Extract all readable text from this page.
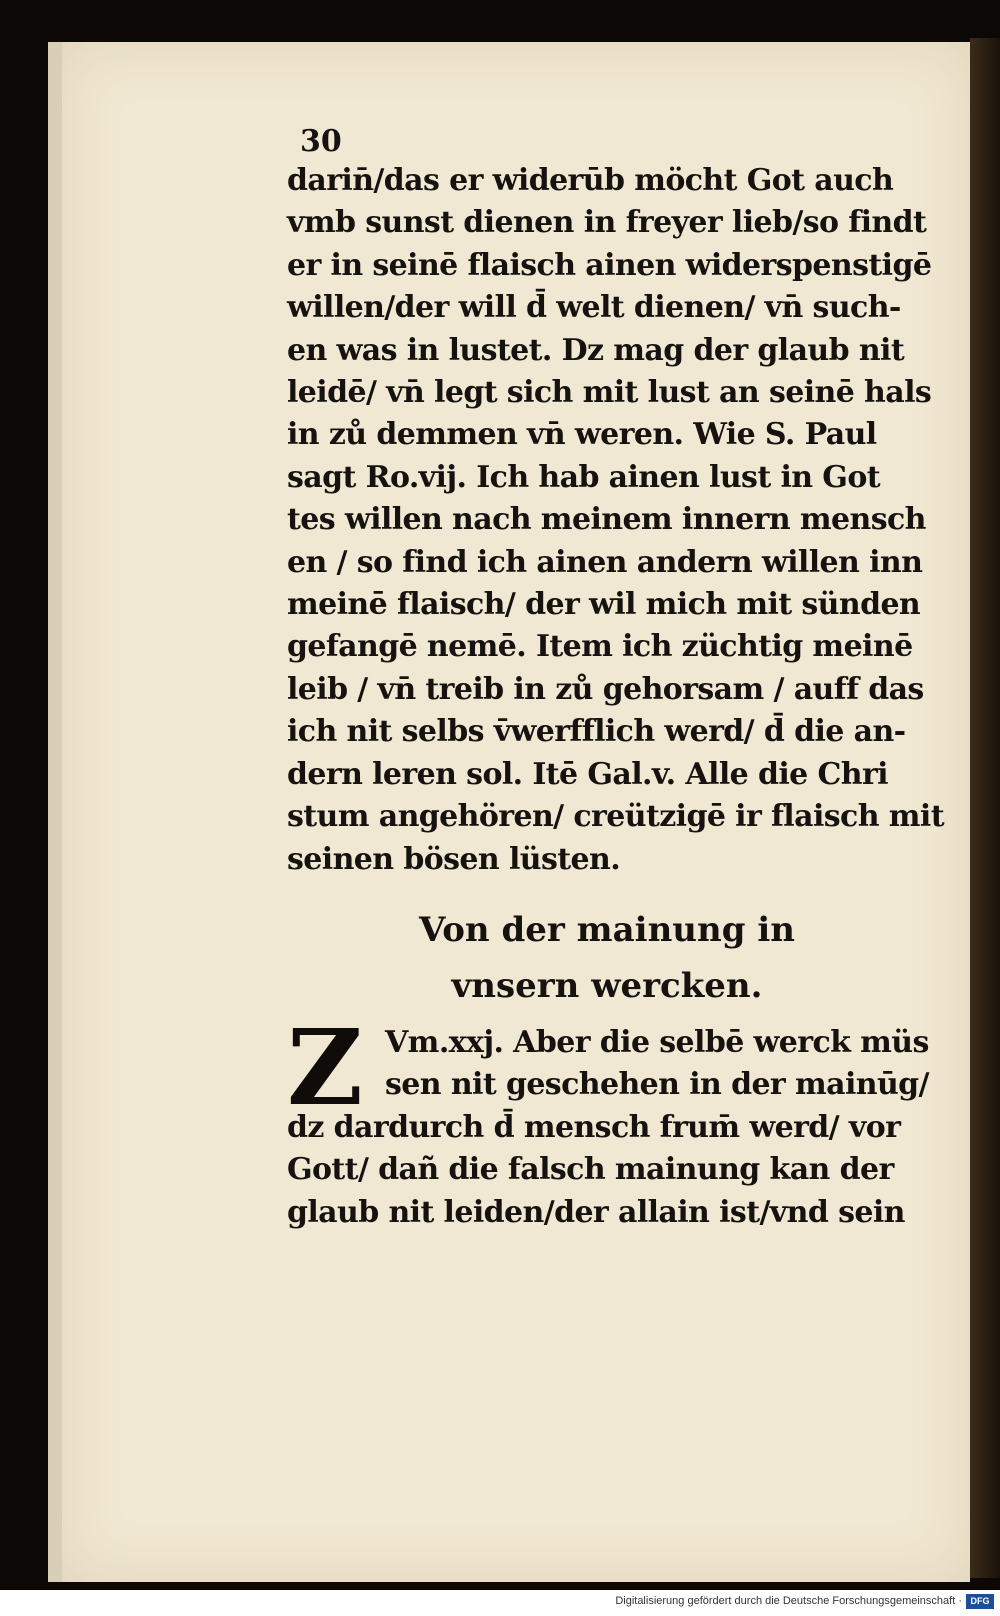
30
darin̄/das er widerūb möcht Got auch
vmb sunst dienen in freyer lieb/so findt
er in seinē flaisch ainen widerspenstigē
willen/der will d̄ welt dienen/ vn̄ such-
en was in lustet. Dz mag der glaub nit
leidē/ vn̄ legt sich mit lust an seinē hals
in zů demmen vn̄ weren. Wie S. Paul
sagt Ro.vij. Ich hab ainen lust in Got
tes willen nach meinem innern mensch
en / so find ich ainen andern willen inn
meinē flaisch/ der wil mich mit sünden
gefangē nemē. Item ich züchtig meinē
leib / vn̄ treib in zů gehorsam / auff das
ich nit selbs v̄werfflich werd/ d̄ die an-
dern leren sol. Itē Gal.v. Alle die Chri
stum angehören/ creützigē ir flaisch mit
seinen bösen lüsten.
Von der mainung in
vnsern wercken.
Z Vm.xxj. Aber die selbē werck müs
sen nit geschehen in der mainūg/
dz dardurch d̄ mensch frum̄ werd/ vor
Gott/ dañ die falsch mainung kan der
glaub nit leiden/der allain ist/vnd sein
Digitalisierung gefördert durch die Deutsche Forschungsgemeinschaft · DFG
